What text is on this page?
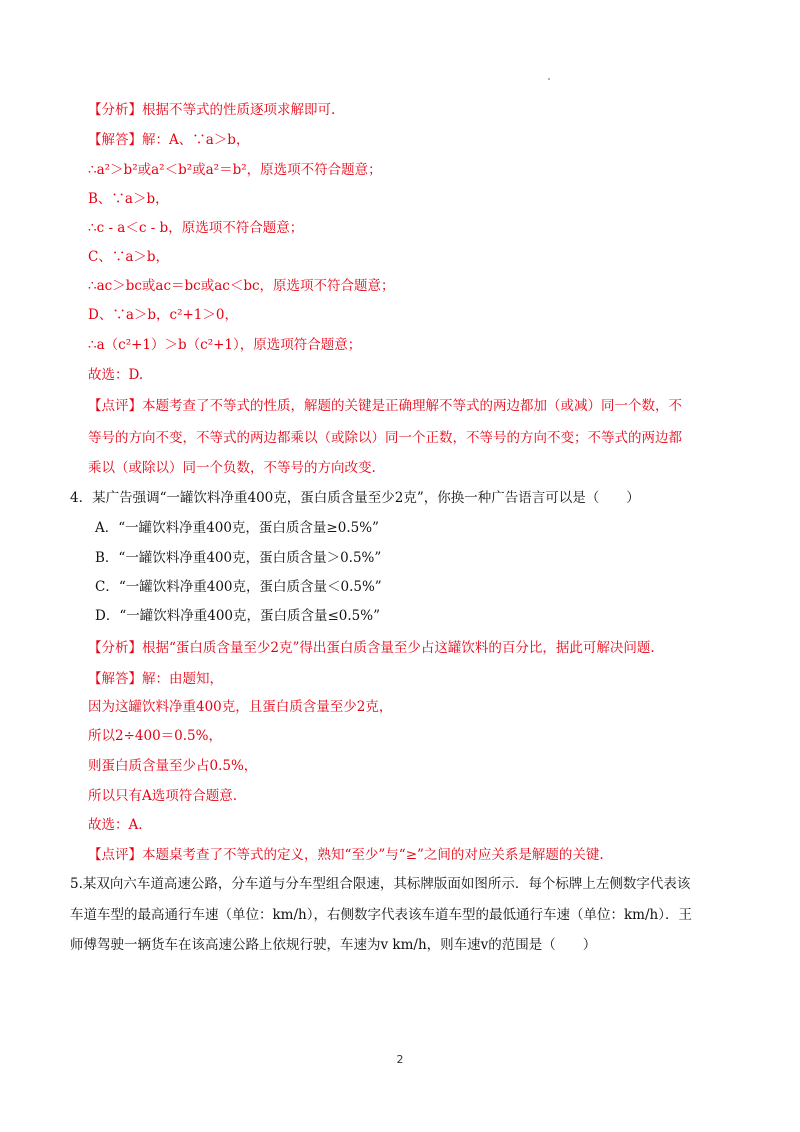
【分析】根据不等式的性质逐项求解即可.
【解答】解：A、∵a＞b，
∴a²＞b²或a²＜b²或a²＝b²，原选项不符合题意；
B、∵a＞b，
∴c - a＜c - b，原选项不符合题意；
C、∵a＞b，
∴ac＞bc或ac＝bc或ac＜bc，原选项不符合题意；
D、∵a＞b，c²+1＞0，
∴a（c²+1）＞b（c²+1），原选项符合题意；
故选：D.
【点评】本题考查了不等式的性质，解题的关键是正确理解不等式的两边都加（或减）同一个数，不
等号的方向不变，不等式的两边都乘以（或除以）同一个正数，不等号的方向不变；不等式的两边都
乘以（或除以）同一个负数，不等号的方向改变.
4．某广告强调“一罐饮料净重400克，蛋白质含量至少2克”，你换一种广告语言可以是（　　）
A．“一罐饮料净重400克，蛋白质含量≥0.5%”
B．“一罐饮料净重400克，蛋白质含量＞0.5%”
C．“一罐饮料净重400克，蛋白质含量＜0.5%”
D．“一罐饮料净重400克，蛋白质含量≤0.5%”
【分析】根据“蛋白质含量至少2克”得出蛋白质含量至少占这罐饮料的百分比，据此可解决问题.
【解答】解：由题知，
因为这罐饮料净重400克，且蛋白质含量至少2克，
所以2÷400＝0.5%，
则蛋白质含量至少占0.5%，
所以只有A选项符合题意.
故选：A.
【点评】本题桌考查了不等式的定义，熟知“至少”与“≥”之间的对应关系是解题的关键.
5.某双向六车道高速公路，分车道与分车型组合限速，其标牌版面如图所示．每个标牌上左侧数字代表该
车道车型的最高通行车速（单位：km/h），右侧数字代表该车道车型的最低通行车速（单位：km/h）．王
师傅驾驶一辆货车在该高速公路上依规行驶，车速为v km/h，则车速v的范围是（　　）
2
